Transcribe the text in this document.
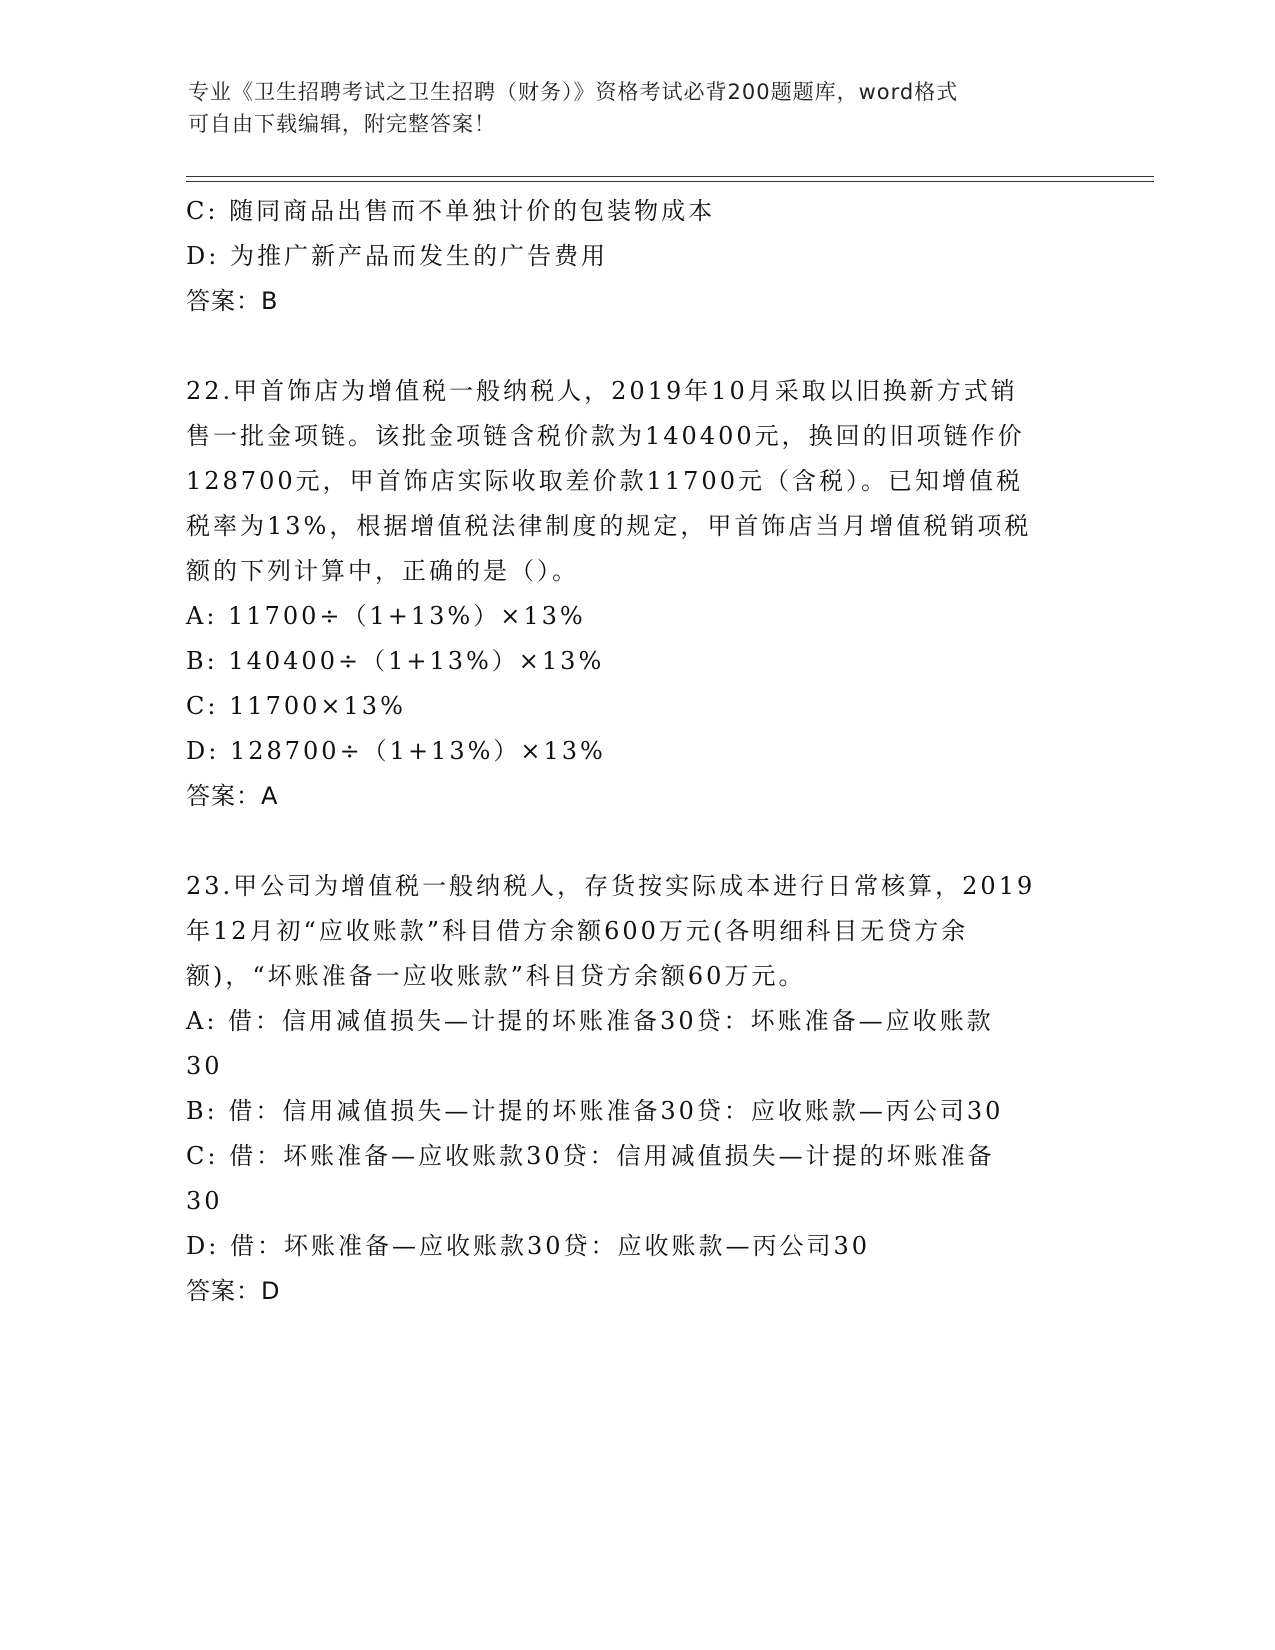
专业《卫生招聘考试之卫生招聘（财务）》资格考试必背200题题库，word格式
可自由下载编辑，附完整答案！
C: 随同商品出售而不单独计价的包装物成本
D: 为推广新产品而发生的广告费用
答案：B
22.甲首饰店为增值税一般纳税人，2019年10月采取以旧换新方式销
售一批金项链。该批金项链含税价款为140400元，换回的旧项链作价
128700元，甲首饰店实际收取差价款11700元（含税）。已知增值税
税率为13%，根据增值税法律制度的规定，甲首饰店当月增值税销项税
额的下列计算中，正确的是（）。
A: 11700÷（1+13%）×13%
B: 140400÷（1+13%）×13%
C: 11700×13%
D: 128700÷（1+13%）×13%
答案：A
23.甲公司为增值税一般纳税人，存货按实际成本进行日常核算，2019
年12月初“应收账款”科目借方余额600万元(各明细科目无贷方余
额)，“坏账准备一应收账款”科目贷方余额60万元。
A: 借：信用减值损失—计提的坏账准备30贷：坏账准备—应收账款
30
B: 借：信用减值损失—计提的坏账准备30贷：应收账款—丙公司30
C: 借：坏账准备—应收账款30贷：信用减值损失—计提的坏账准备
30
D: 借：坏账准备—应收账款30贷：应收账款—丙公司30
答案：D
